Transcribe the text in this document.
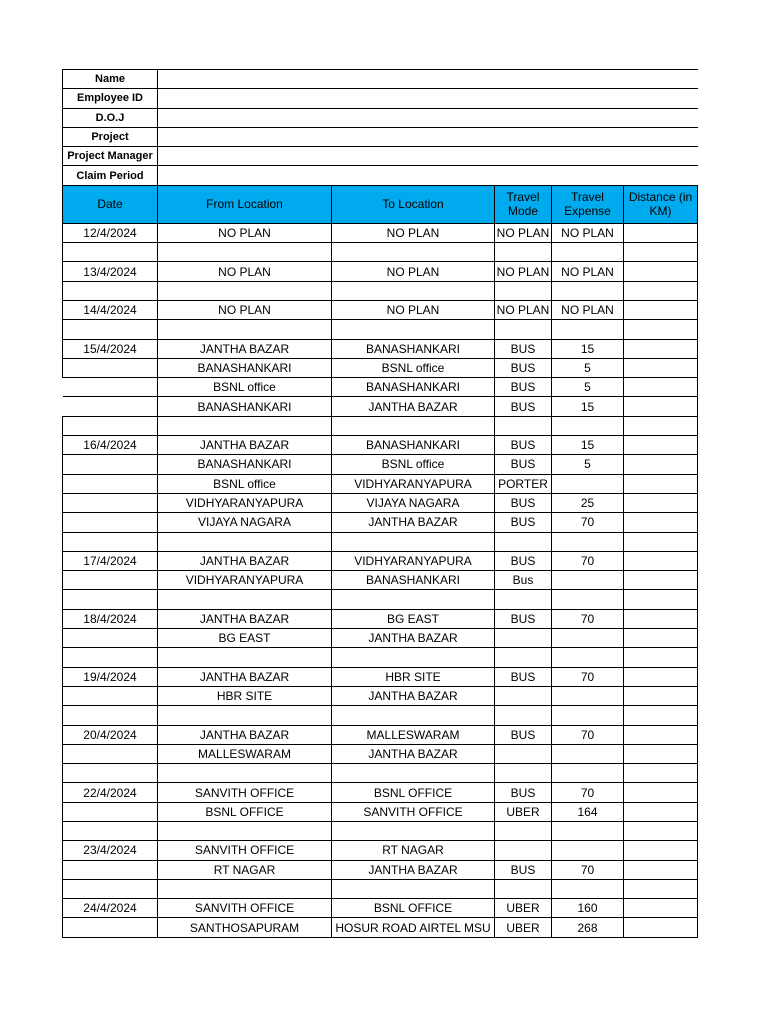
Name					
Employee ID					
D.O.J					
Project					
Project Manager					
Claim Period					
Date	From Location	To Location	Travel Mode	Travel Expense	Distance (in KM)
12/4/2024	NO PLAN	NO PLAN	NO PLAN	NO PLAN	

13/4/2024	NO PLAN	NO PLAN	NO PLAN	NO PLAN	

14/4/2024	NO PLAN	NO PLAN	NO PLAN	NO PLAN	

15/4/2024	JANTHA BAZAR	BANASHANKARI	BUS	15	
	BANASHANKARI	BSNL office	BUS	5	
	BSNL office	BANASHANKARI	BUS	5	
	BANASHANKARI	JANTHA BAZAR	BUS	15	

16/4/2024	JANTHA BAZAR	BANASHANKARI	BUS	15	
	BANASHANKARI	BSNL office	BUS	5	
	BSNL office	VIDHYARANYAPURA	PORTER		
	VIDHYARANYAPURA	VIJAYA NAGARA	BUS	25	
	VIJAYA NAGARA	JANTHA BAZAR	BUS	70	

17/4/2024	JANTHA BAZAR	VIDHYARANYAPURA	BUS	70	
	VIDHYARANYAPURA	BANASHANKARI	Bus		

18/4/2024	JANTHA BAZAR	BG EAST	BUS	70	
	BG EAST	JANTHA BAZAR			

19/4/2024	JANTHA BAZAR	HBR SITE	BUS	70	
	HBR SITE	JANTHA BAZAR			

20/4/2024	JANTHA BAZAR	MALLESWARAM	BUS	70	
	MALLESWARAM	JANTHA BAZAR			

22/4/2024	SANVITH OFFICE	BSNL OFFICE	BUS	70	
	BSNL OFFICE	SANVITH OFFICE	UBER	164	

23/4/2024	SANVITH OFFICE	RT NAGAR			
	RT NAGAR	JANTHA BAZAR	BUS	70	

24/4/2024	SANVITH OFFICE	BSNL OFFICE	UBER	160	
	SANTHOSAPURAM	HOSUR ROAD AIRTEL MSU	UBER	268	
